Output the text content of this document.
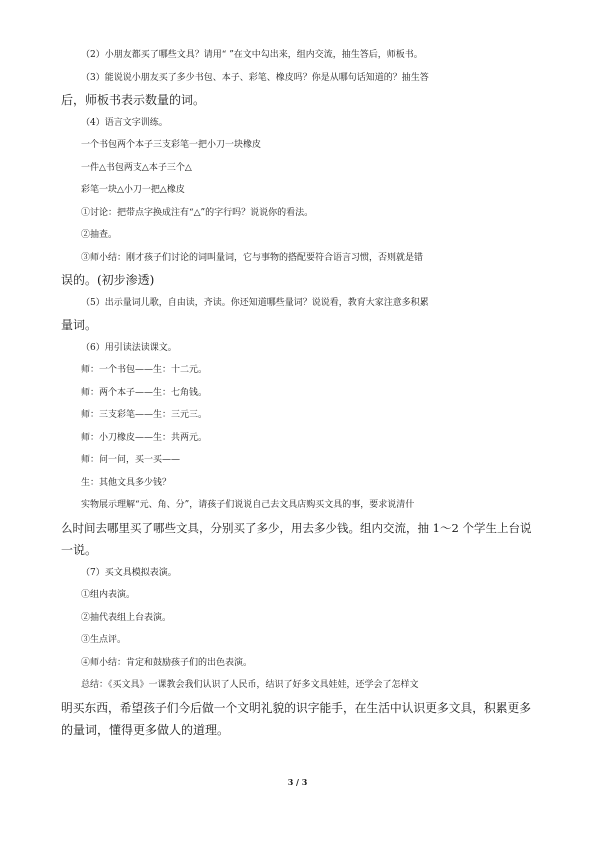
（2）小朋友都买了哪些文具？请用“ ”在文中勾出来，组内交流，抽生答后，师板书。
（3）能说说小朋友买了多少书包、本子、彩笔、橡皮吗？你是从哪句话知道的？抽生答
后，师板书表示数量的词。
（4）语言文字训练。
一个书包两个本子三支彩笔一把小刀一块橡皮
一件△书包两支△本子三个△
彩笔一块△小刀一把△橡皮
①讨论：把带点字换成注有“△”的字行吗？说说你的看法。
②抽查。
③师小结：刚才孩子们讨论的词叫量词，它与事物的搭配要符合语言习惯，否则就是错
误的。(初步渗透)
（5）出示量词儿歌，自由读，齐读。你还知道哪些量词？说说看，教育大家注意多积累
量词。
（6）用引读法读课文。
师：一个书包——生：十二元。
师：两个本子——生：七角钱。
师：三支彩笔——生：三元三。
师：小刀橡皮——生：共两元。
师：问一问，买一买——
生：其他文具多少钱？
实物展示理解“元、角、分”，请孩子们说说自己去文具店购买文具的事，要求说清什
么时间去哪里买了哪些文具，分别买了多少，用去多少钱。组内交流，抽 1～2 个学生上台说
一说。
（7）买文具模拟表演。
①组内表演。
②抽代表组上台表演。
③生点评。
④师小结：肯定和鼓励孩子们的出色表演。
总结：《买文具》一课教会我们认识了人民币，结识了好多文具娃娃，还学会了怎样文
明买东西，希望孩子们今后做一个文明礼貌的识字能手，在生活中认识更多文具，积累更多
的量词，懂得更多做人的道理。
3 / 3
